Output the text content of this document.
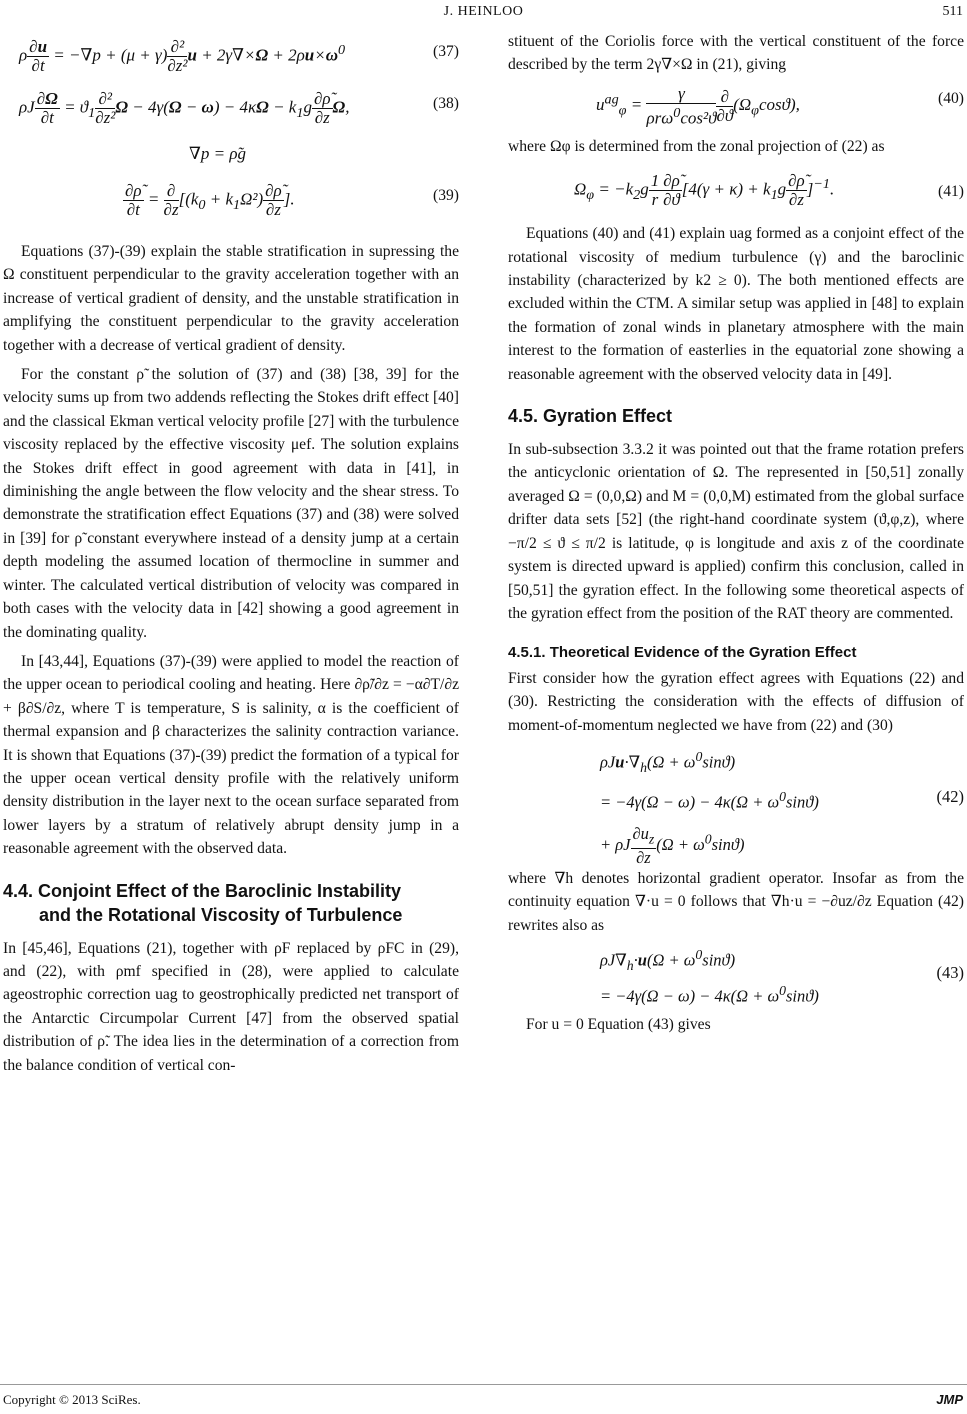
J. HEINLOO	511
ρ $\frac{\partial u}{\partial t} = -\nabla p + (\mu + \gamma) \frac{\text{∂²}}{\text{∂z²}}$ $u + 2\gamma\nabla\times\Omega + 2\rho u\times\omega^0$	(37)
ρJ $\frac{\partial\Omega}{\partial t} = ϑ_1 \frac{\text{∂²}}{\text{∂z²}}$ $\Omega - 4\gamma(\Omega - \omega) - 4\kappa\Omega - k_1g \frac{\partial\rhõ}{\partial z} \Omega$,	(38)
∇p = ρ̃g
$\frac{\partial\rhõ}{\partial t} = \frac{\partial}{\partial z} [(k_0 + k_1\Omega^2) \frac{\partial\rhõ}{\partial z}$ ].	(39)

Equations (37)-(39) explain the stable stratification in supressing the Ω constituent perpendicular to the gravity acceleration together with an increase of vertical gradient of density, and the unstable stratification in amplifying the constituent perpendicular to the gravity acceleration together with a decrease of vertical gradient of density.

For the constant ρ̃ the solution of (37) and (38) [38, 39] for the velocity sums up from two addends reflecting the Stokes drift effect [40] and the classical Ekman vertical velocity profile [27] with the turbulence viscosity replaced by the effective viscosity μef. The solution explains the Stokes drift effect in good agreement with data in [41], in diminishing the angle between the flow velocity and the shear stress. To demonstrate the stratification effect Equations (37) and (38) were solved in [39] for ρ̃ constant everywhere instead of a density jump at a certain depth modeling the assumed location of thermocline in summer and winter. The calculated vertical distribution of velocity was compared in both cases with the velocity data in [42] showing a good agreement in the dominating quality.

In [43,44], Equations (37)-(39) were applied to model the reaction of the upper ocean to periodical cooling and heating. Here ∂ρ̃/∂z = −α∂T/∂z + β∂S/∂z, where T is temperature, S is salinity, α is the coefficient of thermal expansion and β characterizes the salinity contraction variance. It is shown that Equations (37)-(39) predict the formation of a typical for the upper ocean vertical density profile with the relatively uniform density distribution in the layer next to the ocean surface separated from lower layers by a stratum of relatively abrupt density jump in a reasonable agreement with the observed data.

4.4. Conjoint Effect of the Baroclinic Instability
and the Rotational Viscosity of Turbulence

In [45,46], Equations (21), together with ρF replaced by ρFC in (29), and (22), with ρmf specified in (28), were applied to calculate ageostrophic correction uag to geostrophically predicted net transport of the Antarctic Circumpolar Current [47] from the observed spatial distribution of ρ̃. The idea lies in the determination of a correction from the balance condition of vertical con-

stituent of the Coriolis force with the vertical constituent of the force described by the term 2γ∇×Ω in (21), giving

$u^{ag}_\varphi = \frac{\gamma}{\rho r\omega^0\cos^2ϑ} \frac{\partial}{\partial ϑ} (\Omega_\varphi\cos ϑ)$,	(40)

where Ωφ is determined from the zonal projection of (22) as

$\Omega_\varphi = -k_2g \frac{1}{r} \frac{\partial\rhõ}{\partial ϑ} [4(\gamma + \kappa) + k_1g \frac{\partial\rhõ}{\partial z} ]^{-1}$.	(41)

Equations (40) and (41) explain uag formed as a conjoint effect of the rotational viscosity of medium turbulence (γ) and the baroclinic instability (characterized by k2 ≥ 0). The both mentioned effects are excluded within the CTM. A similar setup was applied in [48] to explain the formation of zonal winds in planetary atmosphere with the main interest to the formation of easterlies in the equatorial zone showing a reasonable agreement with the observed velocity data in [49].

4.5. Gyration Effect

In sub-subsection 3.3.2 it was pointed out that the frame rotation prefers the anticyclonic orientation of Ω. The represented in [50,51] zonally averaged Ω = (0,0,Ω) and M = (0,0,M) estimated from the global surface drifter data sets [52] (the right-hand coordinate system (ϑ,φ,z), where −π/2 ≤ ϑ ≤ π/2 is latitude, φ is longitude and axis z of the coordinate system is directed upward is applied) confirm this conclusion, called in [50,51] the gyration effect. In the following some theoretical aspects of the gyration effect from the position of the RAT theory are commented.

4.5.1. Theoretical Evidence of the Gyration Effect

First consider how the gyration effect agrees with Equations (22) and (30). Restricting the consideration with the effects of diffusion of moment-of-momentum neglected we have from (22) and (30)

$\rho Ju\cdot\nabla_h(\Omega + \omega^0\sin ϑ)$
= $-4\gamma(\Omega - \omega) - 4\kappa(\Omega + \omega^0\sin ϑ)$
+ ρJ $\frac{\partial u_z}{\partial z} (\Omega + \omega^0\sin ϑ)$
(42)

where ∇h denotes horizontal gradient operator. Insofar as from the continuity equation ∇·u = 0 follows that ∇h·u = −∂uz/∂z Equation (42) rewrites also as

$\rho J\nabla_h\cdot u(\Omega + \omega^0\sin ϑ)$
= $-4\gamma(\Omega - \omega) - 4\kappa(\Omega + \omega^0\sin ϑ)$
(43)

For u = 0 Equation (43) gives

Copyright © 2013 SciRes.	JMP
